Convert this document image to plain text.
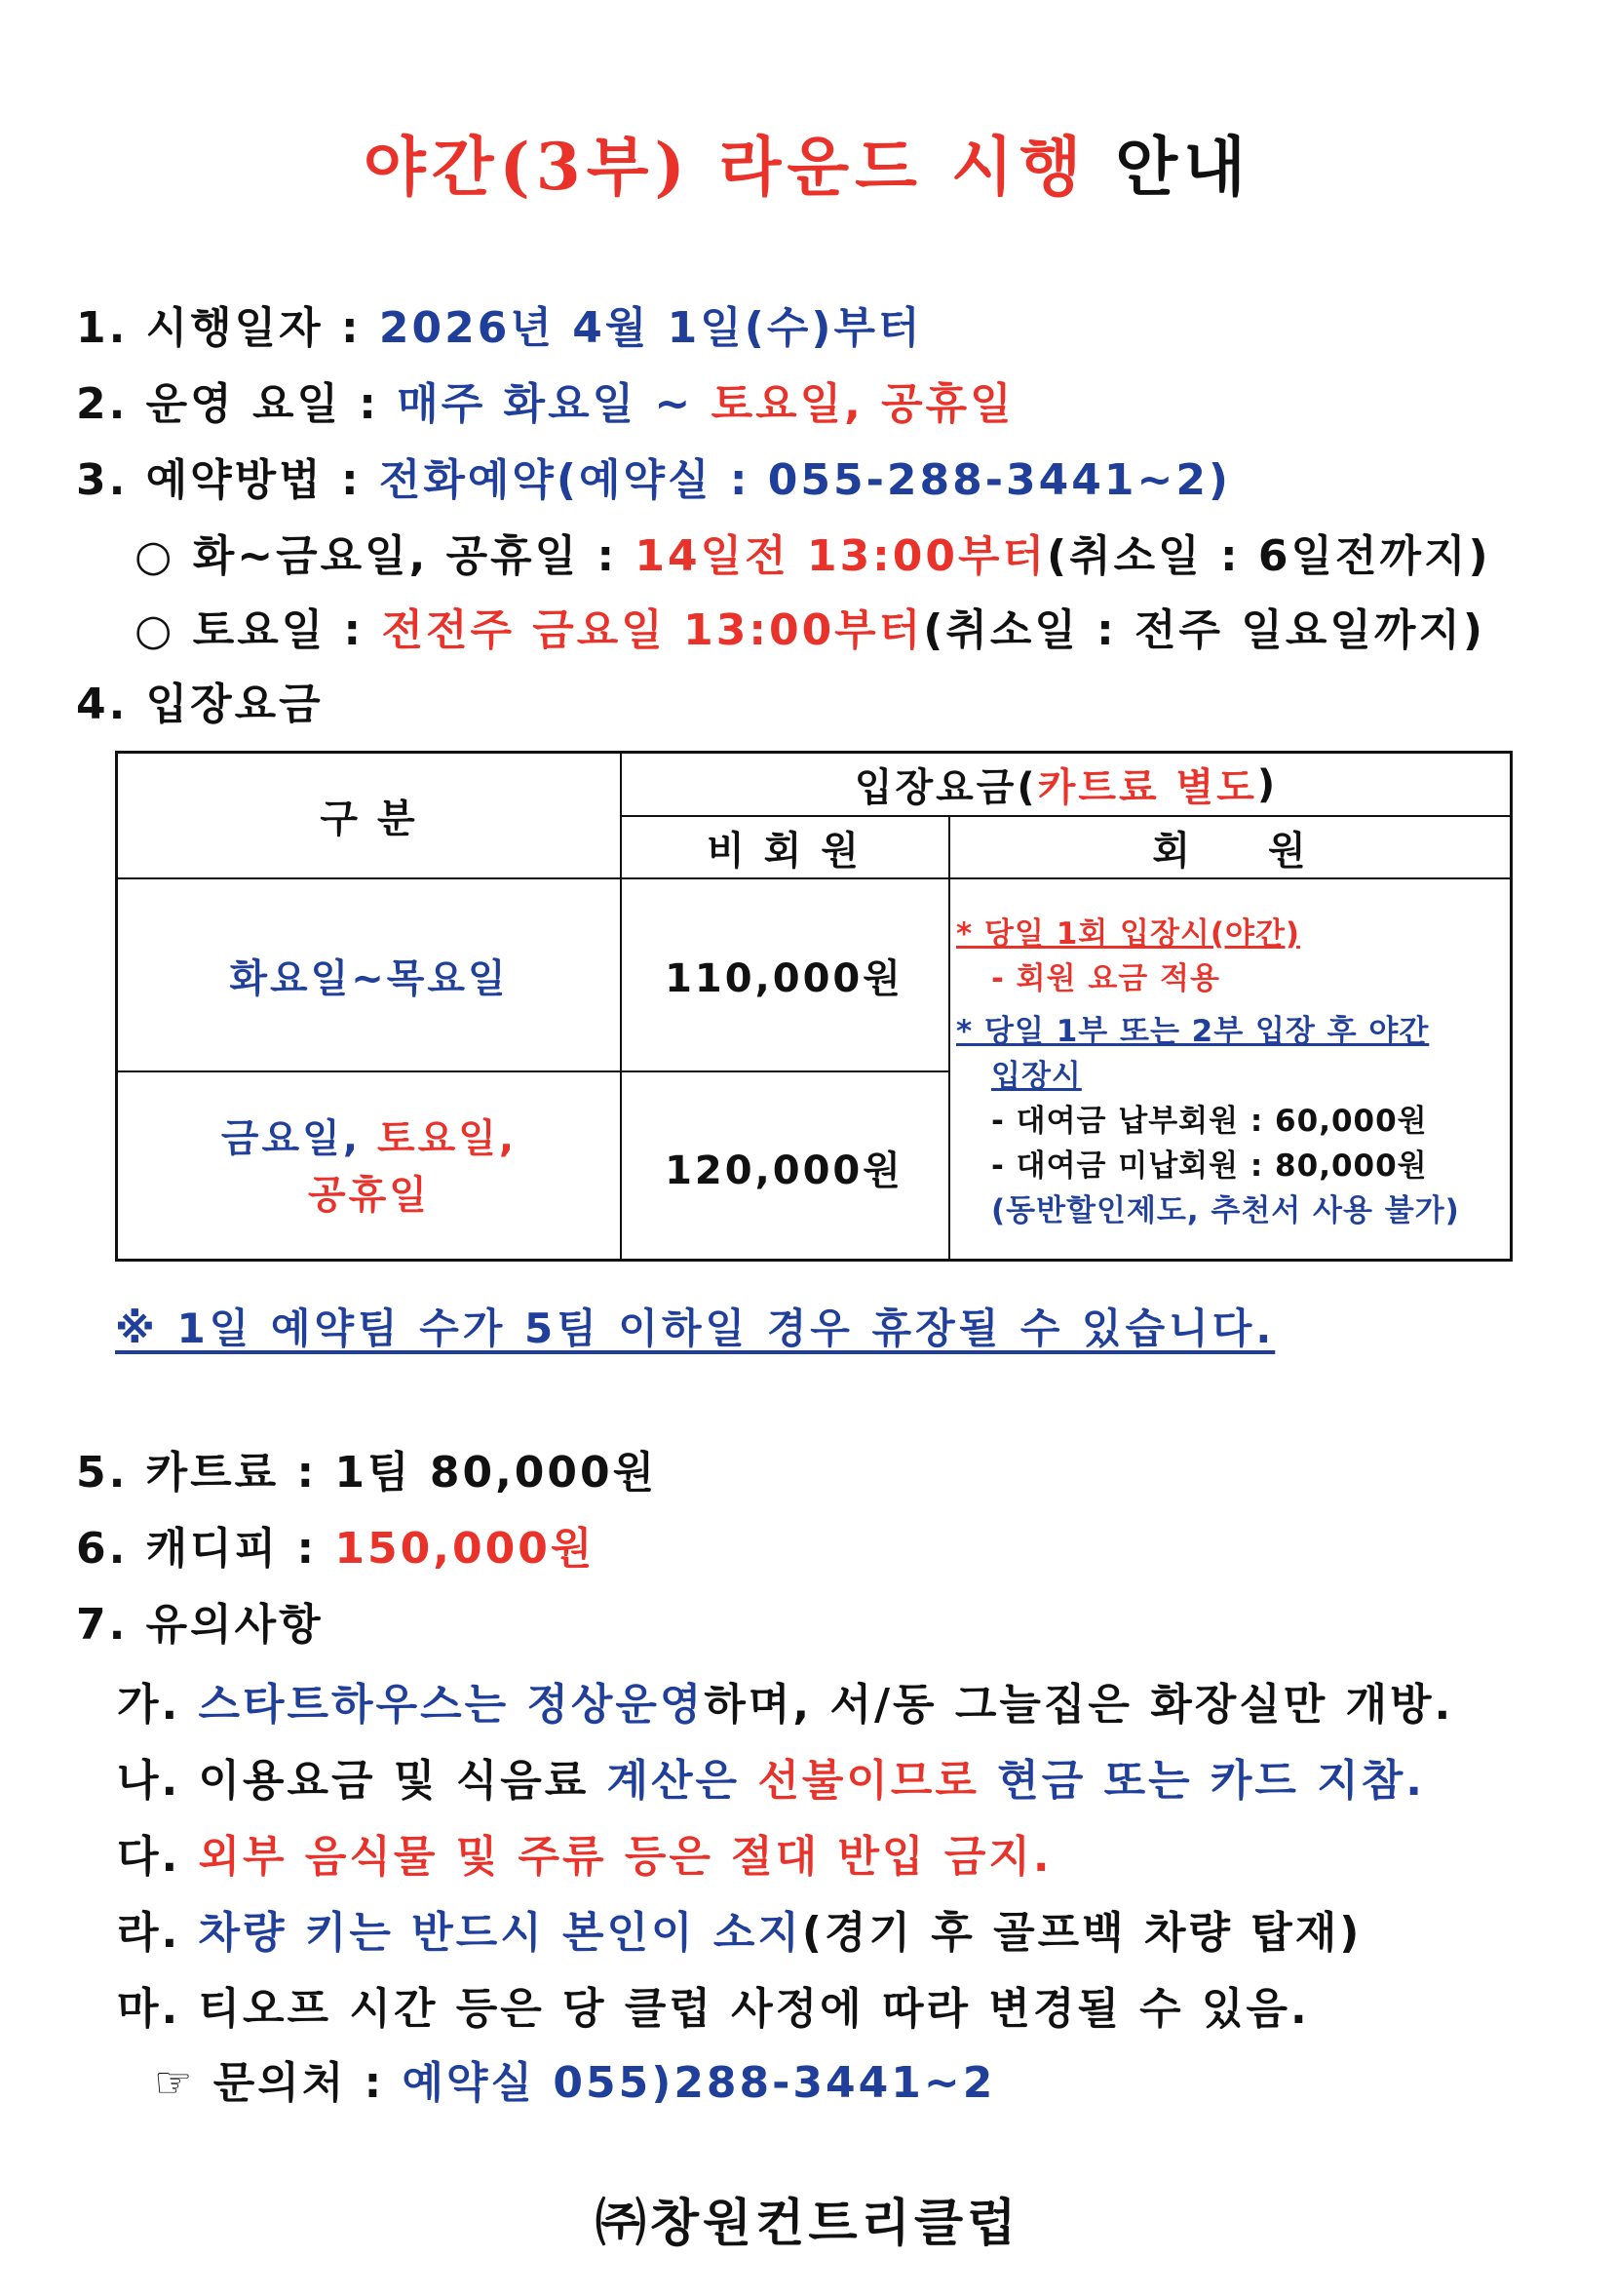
야간(3부) 라운드 시행 안내
1. 시행일자 : 2026년 4월 1일(수)부터
2. 운영 요일 : 매주 화요일 ~ 토요일, 공휴일
3. 예약방법 : 전화예약(예약실 : 055-288-3441~2)
○ 화~금요일, 공휴일 : 14일전 13:00부터(취소일 : 6일전까지)
○ 토요일 : 전전주 금요일 13:00부터(취소일 : 전주 일요일까지)
4. 입장요금
구 분
입장요금( 카트료 별도 )
비 회 원	회 원
화요일~목요일	110,000원
금요일, 토요일,
공휴일
120,000원
* 당일 1회 입장시(야간)
- 회원 요금 적용
* 당일 1부 또는 2부 입장 후 야간
입장시
- 대여금 납부회원 : 60,000원
- 대여금 미납회원 : 80,000원
(동반할인제도, 추천서 사용 불가)
※ 1일 예약팀 수가 5팀 이하일 경우 휴장될 수 있습니다.
5. 카트료 : 1팀 80,000원
6. 캐디피 : 150,000원
7. 유의사항
가. 스타트하우스는 정상운영하며, 서/동 그늘집은 화장실만 개방.
나. 이용요금 및 식음료 계산은 선불이므로 현금 또는 카드 지참.
다. 외부 음식물 및 주류 등은 절대 반입 금지.
라. 차량 키는 반드시 본인이 소지(경기 후 골프백 차량 탑재)
마. 티오프 시간 등은 당 클럽 사정에 따라 변경될 수 있음.
☞ 문의처 : 예약실 055)288-3441~2
㈜창원컨트리클럽
